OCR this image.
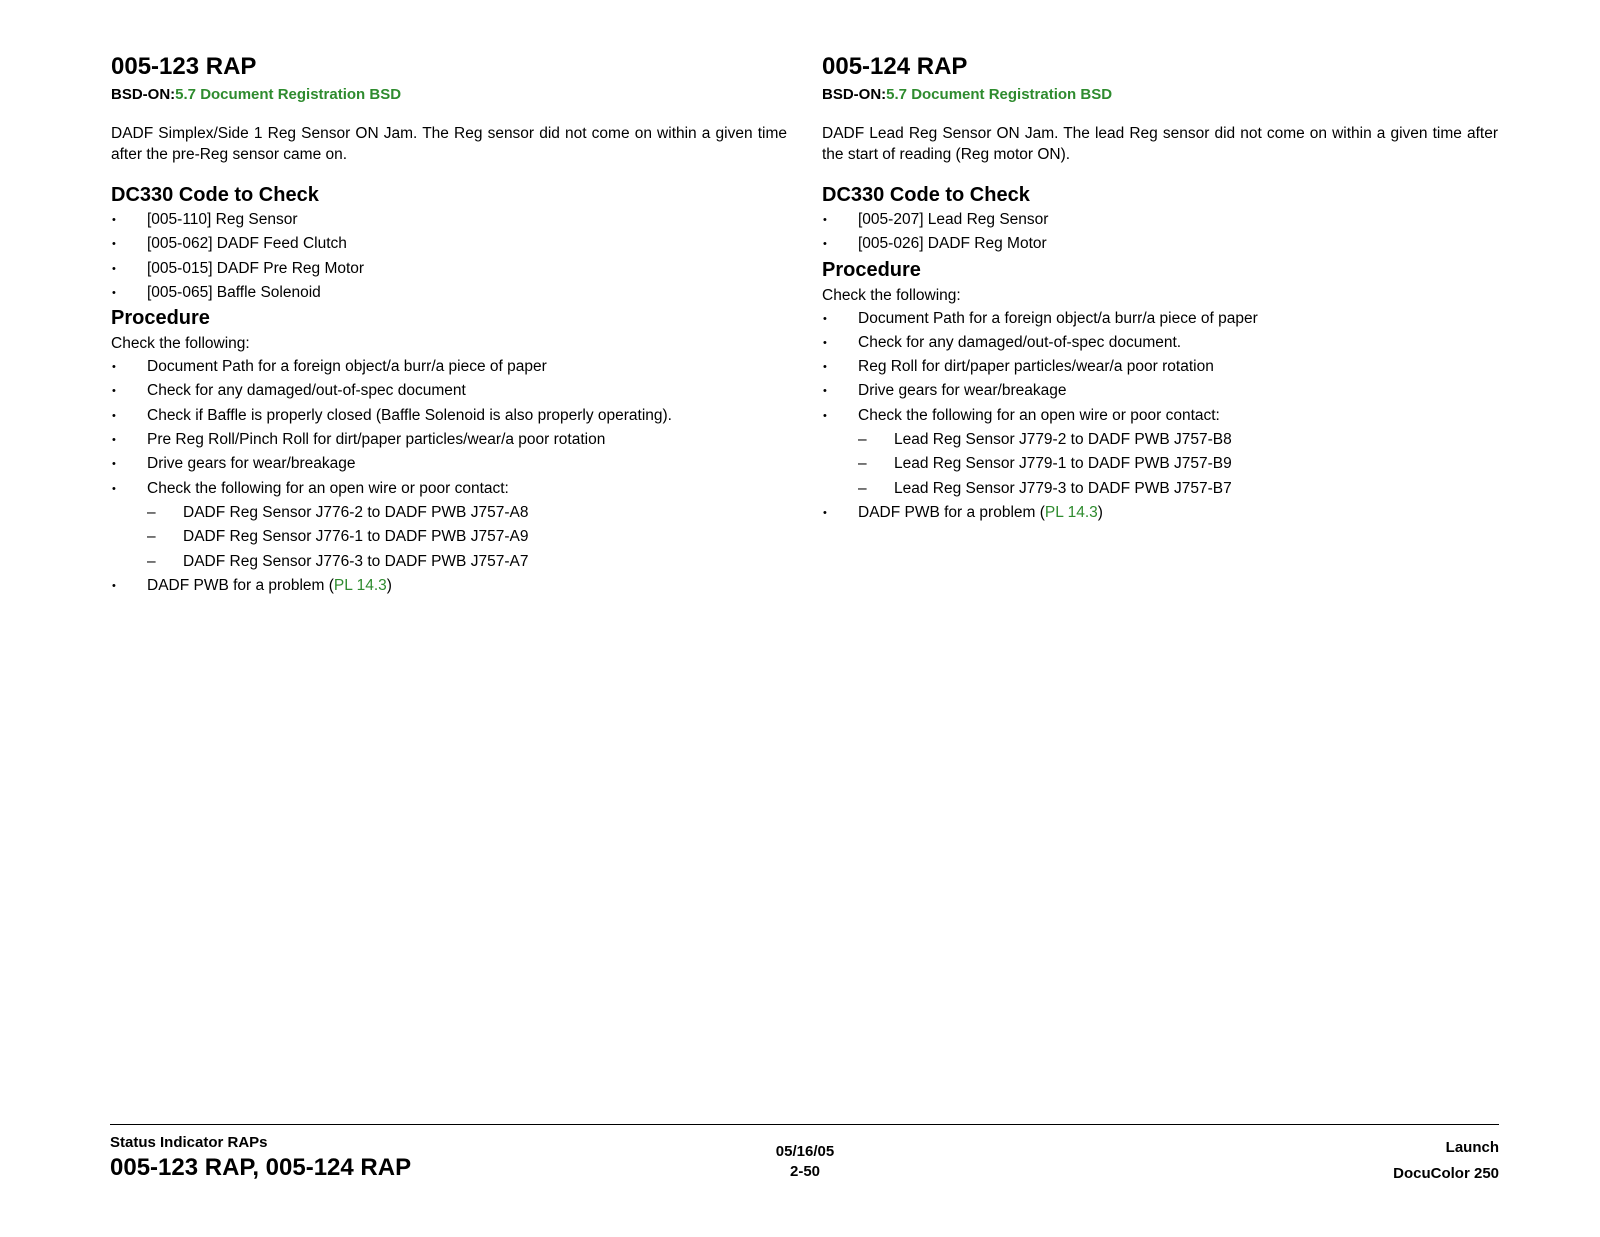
005-123 RAP
BSD-ON:5.7 Document Registration BSD
DADF Simplex/Side 1 Reg Sensor ON Jam. The Reg sensor did not come on within a given time after the pre-Reg sensor came on.
DC330 Code to Check
• [005-110] Reg Sensor
• [005-062] DADF Feed Clutch
• [005-015] DADF Pre Reg Motor
• [005-065] Baffle Solenoid
Procedure
Check the following:
• Document Path for a foreign object/a burr/a piece of paper
• Check for any damaged/out-of-spec document
• Check if Baffle is properly closed (Baffle Solenoid is also properly operating).
• Pre Reg Roll/Pinch Roll for dirt/paper particles/wear/a poor rotation
• Drive gears for wear/breakage
• Check the following for an open wire or poor contact:
– DADF Reg Sensor J776-2 to DADF PWB J757-A8
– DADF Reg Sensor J776-1 to DADF PWB J757-A9
– DADF Reg Sensor J776-3 to DADF PWB J757-A7
• DADF PWB for a problem (PL 14.3)
005-124 RAP
BSD-ON:5.7 Document Registration BSD
DADF Lead Reg Sensor ON Jam. The lead Reg sensor did not come on within a given time after the start of reading (Reg motor ON).
DC330 Code to Check
• [005-207] Lead Reg Sensor
• [005-026] DADF Reg Motor
Procedure
Check the following:
• Document Path for a foreign object/a burr/a piece of paper
• Check for any damaged/out-of-spec document.
• Reg Roll for dirt/paper particles/wear/a poor rotation
• Drive gears for wear/breakage
• Check the following for an open wire or poor contact:
– Lead Reg Sensor J779-2 to DADF PWB J757-B8
– Lead Reg Sensor J779-1 to DADF PWB J757-B9
– Lead Reg Sensor J779-3 to DADF PWB J757-B7
• DADF PWB for a problem (PL 14.3)
Status Indicator RAPs
005-123 RAP, 005-124 RAP
05/16/05
2-50
Launch
DocuColor 250
